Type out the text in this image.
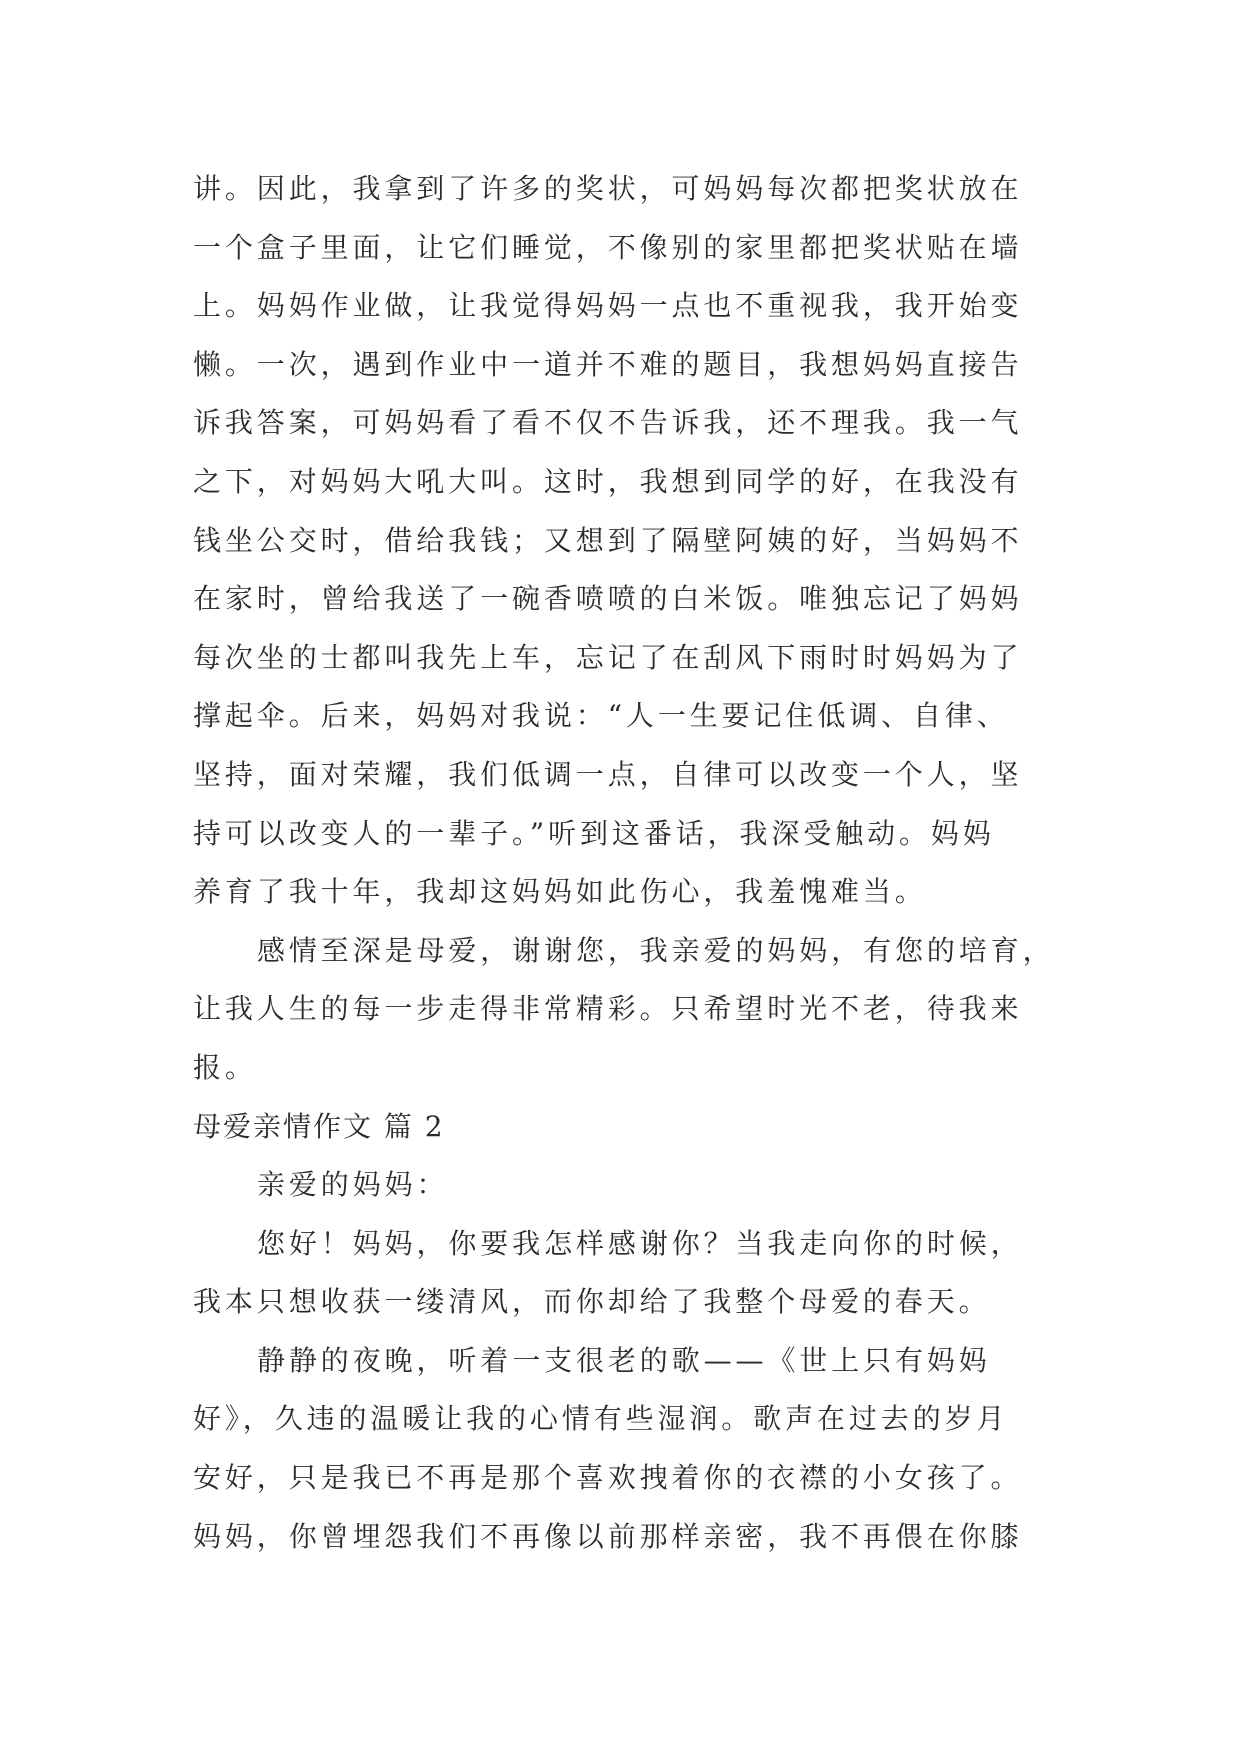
讲。因此，我拿到了许多的奖状，可妈妈每次都把奖状放在
一个盒子里面，让它们睡觉，不像别的家里都把奖状贴在墙
上。妈妈作业做，让我觉得妈妈一点也不重视我，我开始变
懒。一次，遇到作业中一道并不难的题目，我想妈妈直接告
诉我答案，可妈妈看了看不仅不告诉我，还不理我。我一气
之下，对妈妈大吼大叫。这时，我想到同学的好，在我没有
钱坐公交时，借给我钱；又想到了隔壁阿姨的好，当妈妈不
在家时，曾给我送了一碗香喷喷的白米饭。唯独忘记了妈妈
每次坐的士都叫我先上车，忘记了在刮风下雨时时妈妈为了
撑起伞。后来，妈妈对我说：“人一生要记住低调、自律、
坚持，面对荣耀，我们低调一点，自律可以改变一个人，坚
持可以改变人的一辈子。”听到这番话，我深受触动。妈妈
养育了我十年，我却这妈妈如此伤心，我羞愧难当。
感情至深是母爱，谢谢您，我亲爱的妈妈，有您的培育，
让我人生的每一步走得非常精彩。只希望时光不老，待我来
报。
母爱亲情作文 篇 2
亲爱的妈妈：
您好！妈妈，你要我怎样感谢你？当我走向你的时候，
我本只想收获一缕清风，而你却给了我整个母爱的春天。
静静的夜晚，听着一支很老的歌——《世上只有妈妈
好》，久违的温暖让我的心情有些湿润。歌声在过去的岁月
安好，只是我已不再是那个喜欢拽着你的衣襟的小女孩了。
妈妈，你曾埋怨我们不再像以前那样亲密，我不再偎在你膝
